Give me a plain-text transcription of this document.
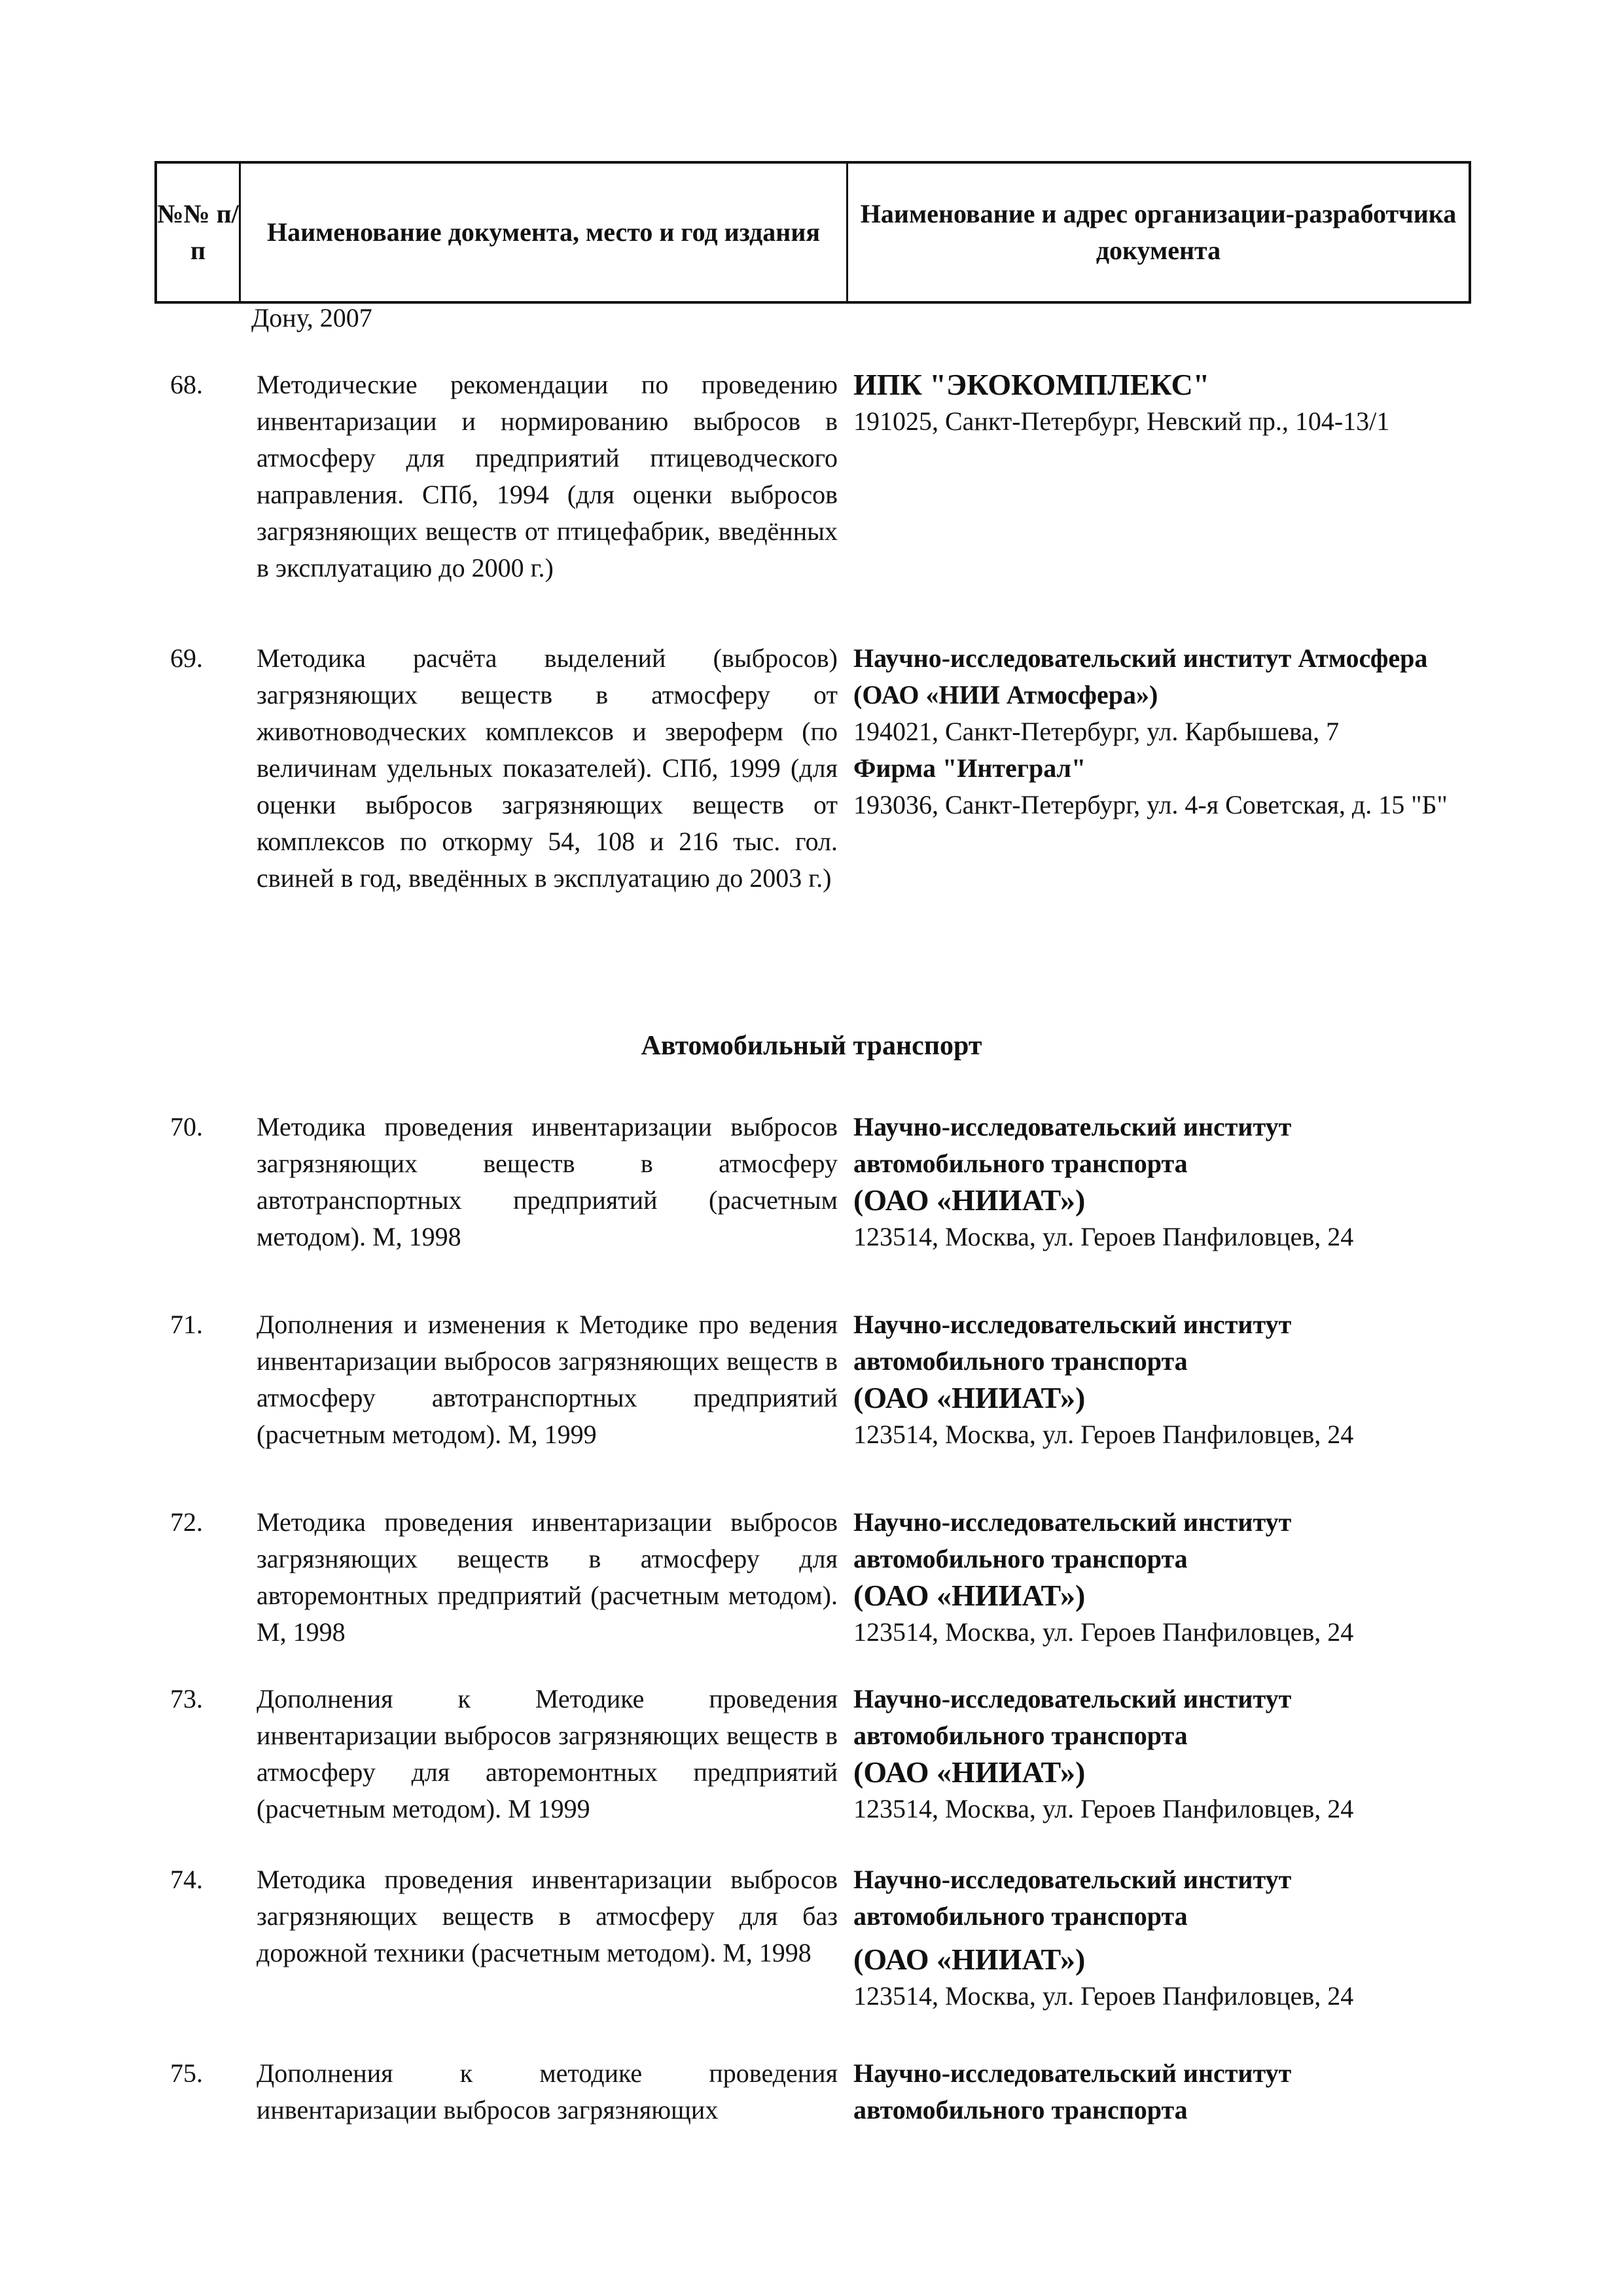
№№ п/п
Наименование документа, место и год издания
Наименование и адрес организации-разработчика документа
Дону, 2007
68. Методические рекомендации по проведению инвентаризации и нормированию выбросов в атмосферу для предприятий птицеводческого направления. СПб, 1994 (для оценки выбросов загрязняющих веществ от птицефабрик, введённых в эксплуатацию до 2000 г.)
ИПК "ЭКОКОМПЛЕКС"
191025, Санкт-Петербург, Невский пр., 104-13/1
69. Методика расчёта выделений (выбросов) загрязняющих веществ в атмосферу от животноводческих комплексов и звероферм (по величинам удельных показателей). СПб, 1999 (для оценки выбросов загрязняющих веществ от комплексов по откорму 54, 108 и 216 тыс. гол. свиней в год, введённых в эксплуатацию до 2003 г.)
Научно-исследовательский институт Атмосфера (ОАО «НИИ Атмосфера»)
194021, Санкт-Петербург, ул. Карбышева, 7
Фирма "Интеграл"
193036, Санкт-Петербург, ул. 4-я Советская, д. 15 "Б"
Автомобильный транспорт
70. Методика проведения инвентаризации выбросов загрязняющих веществ в атмосферу автотранспортных предприятий (расчетным методом). М, 1998
Научно-исследовательский институт автомобильного транспорта
(ОАО «НИИАТ»)
123514, Москва, ул. Героев Панфиловцев, 24
71. Дополнения и изменения к Методике про ведения инвентаризации выбросов загрязняющих веществ в атмосферу автотранспортных предприятий (расчетным методом). М, 1999
Научно-исследовательский институт автомобильного транспорта
(ОАО «НИИАТ»)
123514, Москва, ул. Героев Панфиловцев, 24
72. Методика проведения инвентаризации выбросов загрязняющих веществ в атмосферу для авторемонтных предприятий (расчетным методом). М, 1998
Научно-исследовательский институт автомобильного транспорта
(ОАО «НИИАТ»)
123514, Москва, ул. Героев Панфиловцев, 24
73. Дополнения к Методике проведения инвентаризации выбросов загрязняющих веществ в атмосферу для авторемонтных предприятий (расчетным методом). М 1999
Научно-исследовательский институт автомобильного транспорта
(ОАО «НИИАТ»)
123514, Москва, ул. Героев Панфиловцев, 24
74. Методика проведения инвентаризации выбросов загрязняющих веществ в атмосферу для баз дорожной техники (расчетным методом). М, 1998
Научно-исследовательский институт автомобильного транспорта
(ОАО «НИИАТ»)
123514, Москва, ул. Героев Панфиловцев, 24
75. Дополнения к методике проведения инвентаризации выбросов загрязняющих
Научно-исследовательский институт автомобильного транспорта
